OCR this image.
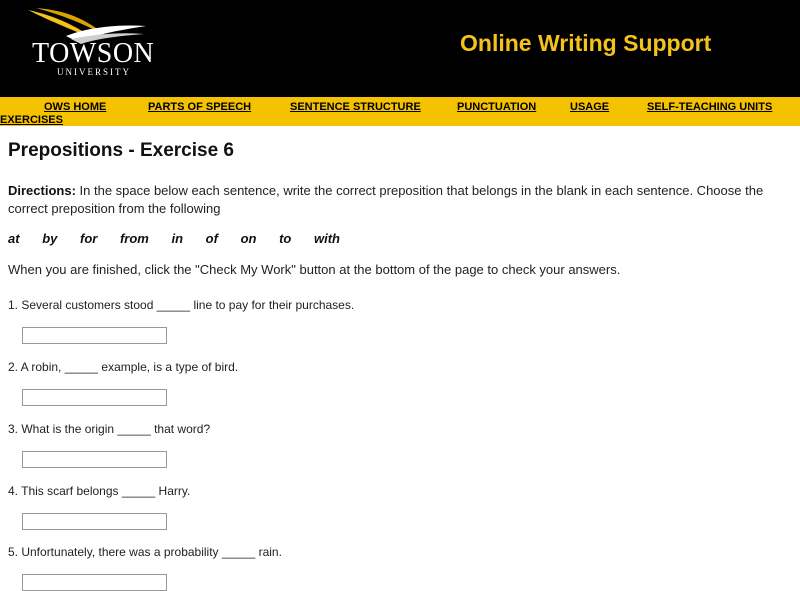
TOWSON
UNIVERSITY
Online Writing Support
OWS HOME	PARTS OF SPEECH	SENTENCE STRUCTURE	PUNCTUATION	USAGE	SELF-TEACHING UNITS
EXERCISES
Prepositions - Exercise 6
Directions: In the space below each sentence, write the correct preposition that belongs in the blank in each sentence. Choose the correct preposition from the following
at by for from in of on to with
When you are finished, click the "Check My Work" button at the bottom of the page to check your answers.
1. Several customers stood _____ line to pay for their purchases.
2. A robin, _____ example, is a type of bird.
3. What is the origin _____ that word?
4. This scarf belongs _____ Harry.
5. Unfortunately, there was a probability _____ rain.
